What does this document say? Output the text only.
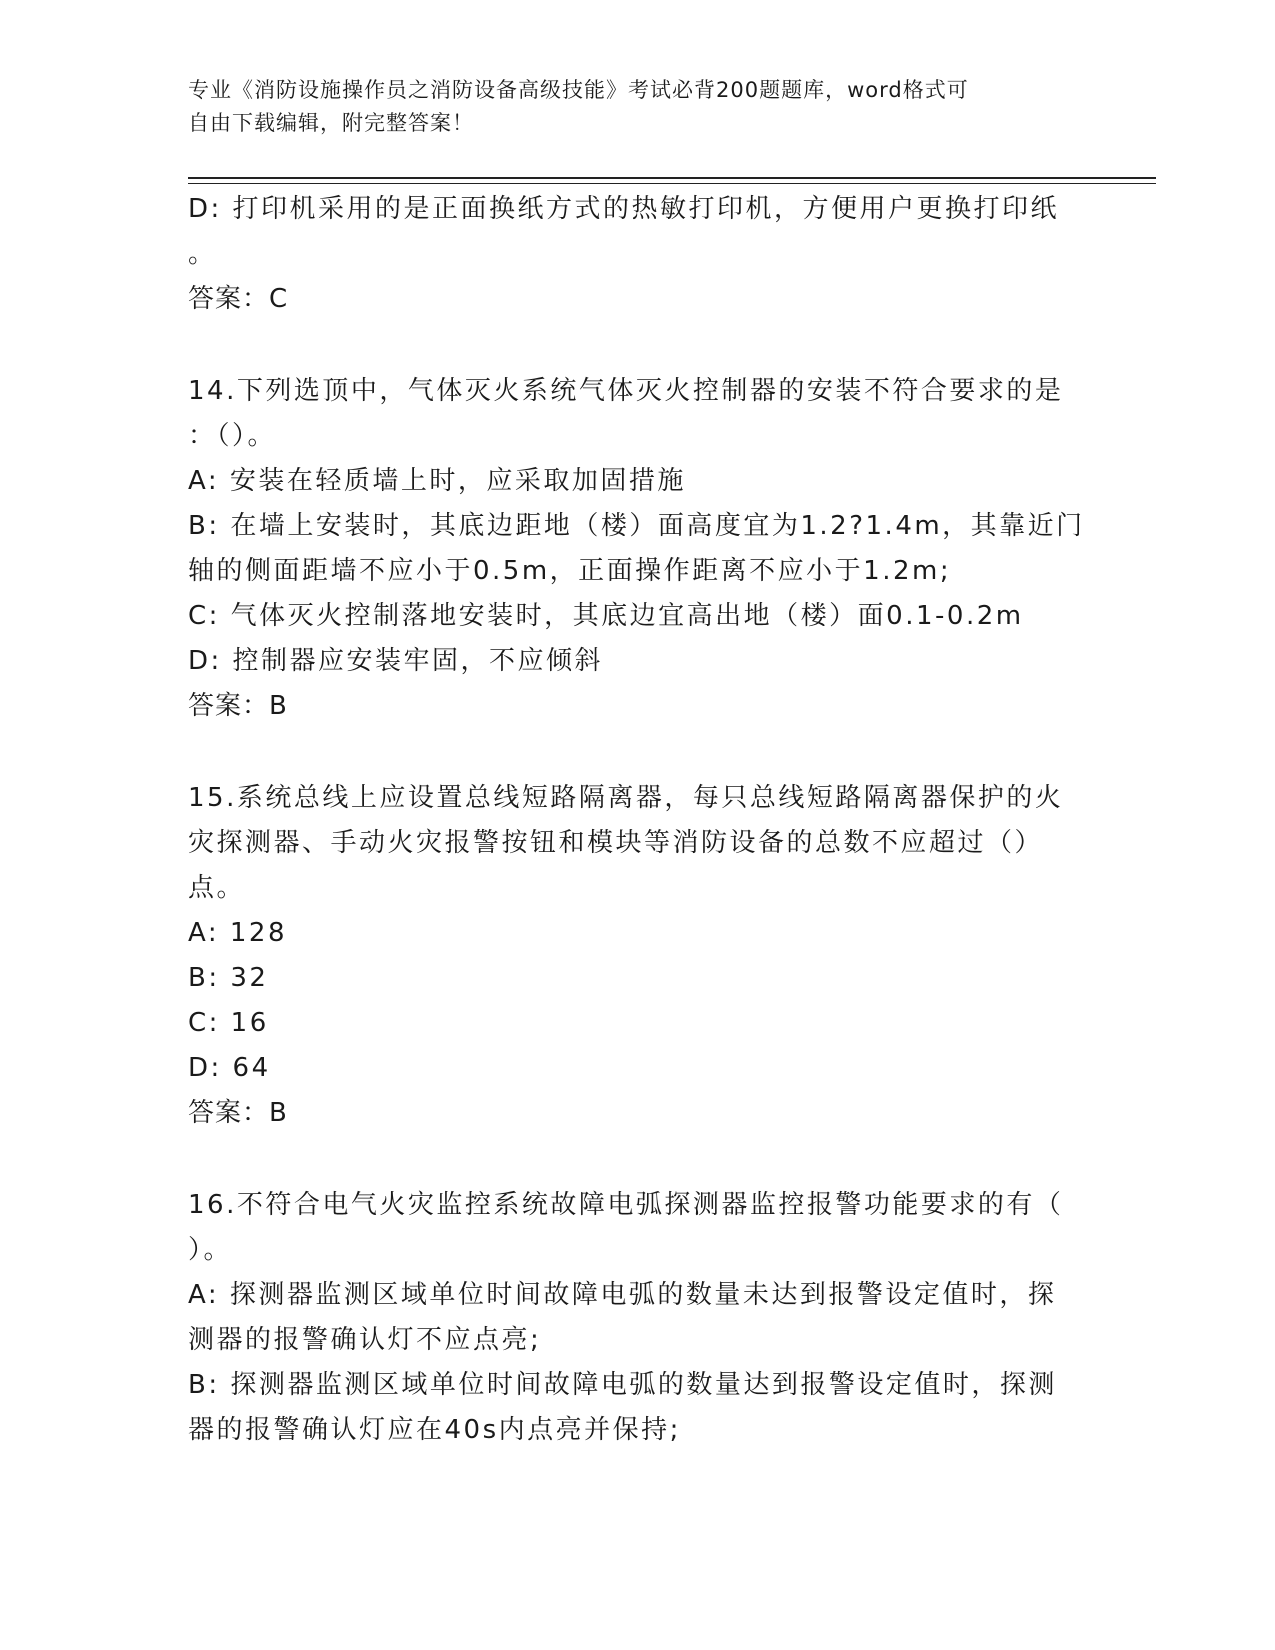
专业《消防设施操作员之消防设备高级技能》考试必背200题题库，word格式可
自由下载编辑，附完整答案！
D: 打印机采用的是正面换纸方式的热敏打印机，方便用户更换打印纸
。
答案：C
14.下列选顶中，气体灭火系统气体灭火控制器的安装不符合要求的是
：（）。
A: 安装在轻质墙上时，应采取加固措施
B: 在墙上安装时，其底边距地（楼）面高度宜为1.2?1.4m，其靠近门
轴的侧面距墙不应小于0.5m，正面操作距离不应小于1.2m;
C: 气体灭火控制落地安装时，其底边宜高出地（楼）面0.1-0.2m
D: 控制器应安装牢固，不应倾斜
答案：B
15.系统总线上应设置总线短路隔离器，每只总线短路隔离器保护的火
灾探测器、手动火灾报警按钮和模块等消防设备的总数不应超过（）
点。
A: 128
B: 32
C: 16
D: 64
答案：B
16.不符合电气火灾监控系统故障电弧探测器监控报警功能要求的有（
）。
A: 探测器监测区域单位时间故障电弧的数量未达到报警设定值时，探
测器的报警确认灯不应点亮;
B: 探测器监测区域单位时间故障电弧的数量达到报警设定值时，探测
器的报警确认灯应在40s内点亮并保持;
